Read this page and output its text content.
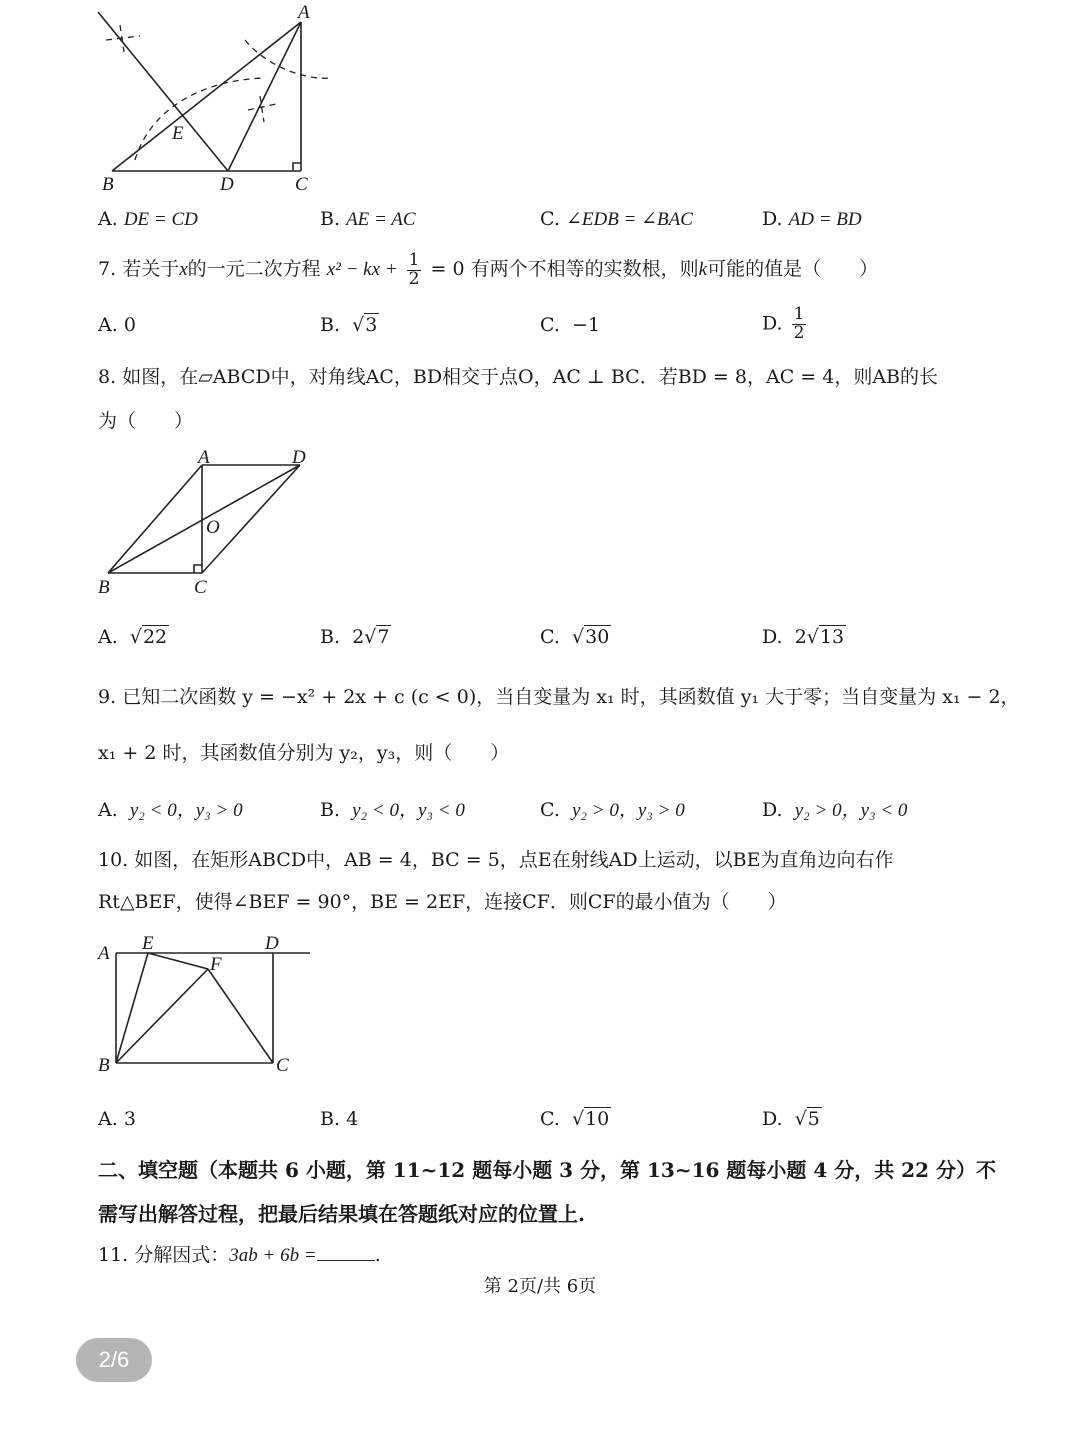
A
E
B	D	C
A. DE = CD	B. AE = AC	C. ∠EDB = ∠BAC	D. AD = BD
7. 若关于x的一元二次方程 x² − kx + $\frac{1}{2} = 0$ 有两个不相等的实数根，则k可能的值是（　　）
A. 0	B.  √3	C. −1	D. $\frac{1}{2}$
8. 如图，在▱ABCD中，对角线AC，BD相交于点O，AC ⊥ BC．若BD = 8，AC = 4，则AB的长
为（　　）
A	D
O
B	C
A. √22	B. 2√7	C. √30	D. 2√13
9. 已知二次函数 y = −x² + 2x + c (c < 0)，当自变量为 x₁ 时，其函数值 y₁ 大于零；当自变量为 x₁ − 2，
x₁ + 2 时，其函数值分别为 y₂，y₃，则（　　）
A. y₂ < 0，y₃ > 0	B. y₂ < 0，y₃ < 0	C. y₂ > 0，y₃ > 0	D. y₂ > 0，y₃ < 0
10. 如图，在矩形ABCD中，AB = 4，BC = 5，点E在射线AD上运动，以BE为直角边向右作
Rt△BEF，使得∠BEF = 90°，BE = 2EF，连接CF．则CF的最小值为（　　）
A E	D
F
B	C
A. 3	B. 4	C.  √10	D.  √5
二、填空题（本题共 6 小题，第 11~12 题每小题 3 分，第 13~16 题每小题 4 分，共 22 分）不
需写出解答过程，把最后结果填在答题纸对应的位置上.
11. 分解因式：3ab + 6b =	.
第 2页/共 6页
2/6
